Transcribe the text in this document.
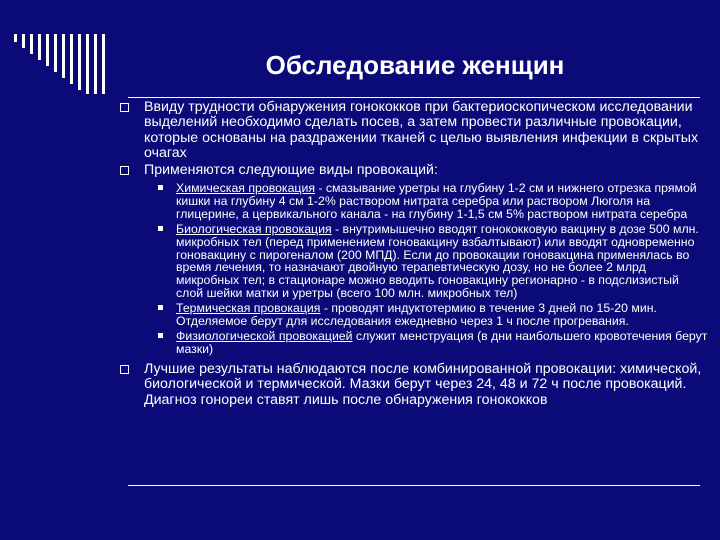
Обследование женщин
Ввиду трудности обнаружения гонококков при бактериоскопическом исследовании выделений необходимо сделать посев, а затем провести различные провокации, которые основаны на раздражении тканей с целью выявления инфекции в скрытых очагах
Применяются следующие виды провокаций:
Химическая провокация - смазывание уретры на глубину 1-2 см и нижнего отрезка прямой кишки на глубину 4 см 1-2% раствором нитрата серебра или раствором Люголя на глицерине, а цервикального канала - на глубину 1-1,5 см 5% раствором нитрата серебра
Биологическая провокация - внутримышечно вводят гонококковую вакцину в дозе 500 млн. микробных тел (перед применением гоновакцину взбалтывают) или вводят одновременно гоновакцину с пирогеналом (200 МПД). Если до провокации гоновакцина применялась во время лечения, то назначают двойную терапевтическую дозу, но не более 2 млрд микробных тел; в стационаре можно вводить гоновакцину регионарно - в подслизистый слой шейки матки и уретры (всего 100 млн. микробных тел)
Термическая провокация - проводят индуктотермию в течение 3 дней по 15-20 мин. Отделяемое берут для исследования ежедневно через 1 ч после прогревания.
Физиологической провокацией служит менструация (в дни наибольшего кровотечения берут мазки)
Лучшие результаты наблюдаются после комбинированной провокации: химической, биологической и термической. Мазки берут через 24, 48 и 72 ч после провокаций. Диагноз гонореи ставят лишь после обнаружения гонококков
